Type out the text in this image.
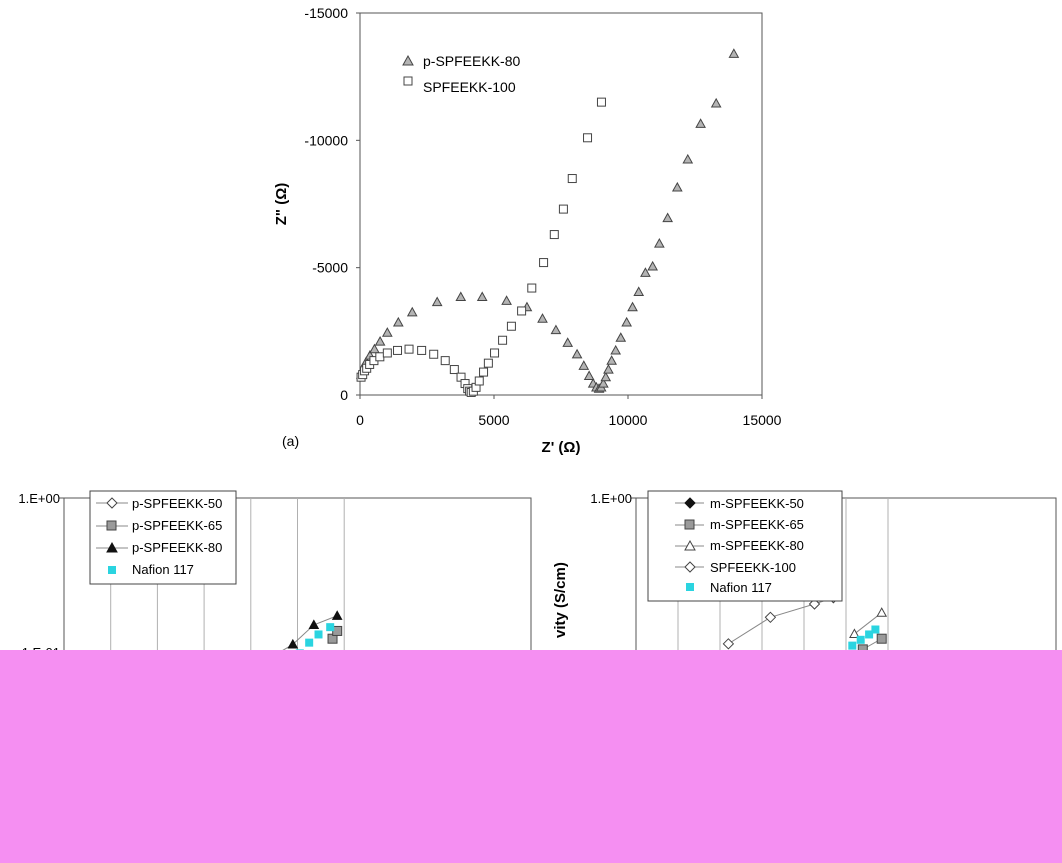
0
-5000
-10000
-15000
0	5000	10000	15000
Z' (Ω)
Z" (Ω)
(a)
p-SPFEEKK-80
SPFEEKK-100
1.E+00	p-SPFEEKK-50
p-SPFEEKK-65
p-SPFEEKK-80
Nafion 117
1.E+00
vity (S/cm)
m-SPFEEKK-50
m-SPFEEKK-65
m-SPFEEKK-80
SPFEEKK-100
Nafion 117
